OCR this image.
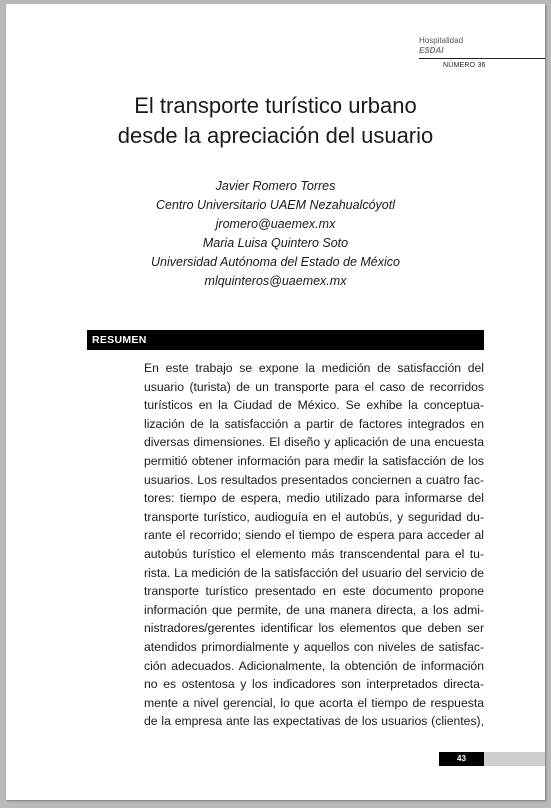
Hospitalidad
ESDAI
NÚMERO 36
El transporte turístico urbano
desde la apreciación del usuario
Javier Romero Torres
Centro Universitario UAEM Nezahualcóyotl
jromero@uaemex.mx
Maria Luisa Quintero Soto
Universidad Autónoma del Estado de México
mlquinteros@uaemex.mx
RESUMEN
En este trabajo se expone la medición de satisfacción del
usuario (turista) de un transporte para el caso de recorridos
turísticos en la Ciudad de México. Se exhibe la conceptua-
lización de la satisfacción a partir de factores integrados en
diversas dimensiones. El diseño y aplicación de una encuesta
permitió obtener información para medir la satisfacción de los
usuarios. Los resultados presentados conciernen a cuatro fac-
tores: tiempo de espera, medio utilizado para informarse del
transporte turístico, audioguía en el autobús, y seguridad du-
rante el recorrido; siendo el tiempo de espera para acceder al
autobús turístico el elemento más transcendental para el tu-
rista. La medición de la satisfacción del usuario del servicio de
transporte turístico presentado en este documento propone
información que permite, de una manera directa, a los admi-
nistradores/gerentes identificar los elementos que deben ser
atendidos primordialmente y aquellos con niveles de satisfac-
ción adecuados. Adicionalmente, la obtención de información
no es ostentosa y los indicadores son interpretados directa-
mente a nivel gerencial, lo que acorta el tiempo de respuesta
de la empresa ante las expectativas de los usuarios (clientes),
43
